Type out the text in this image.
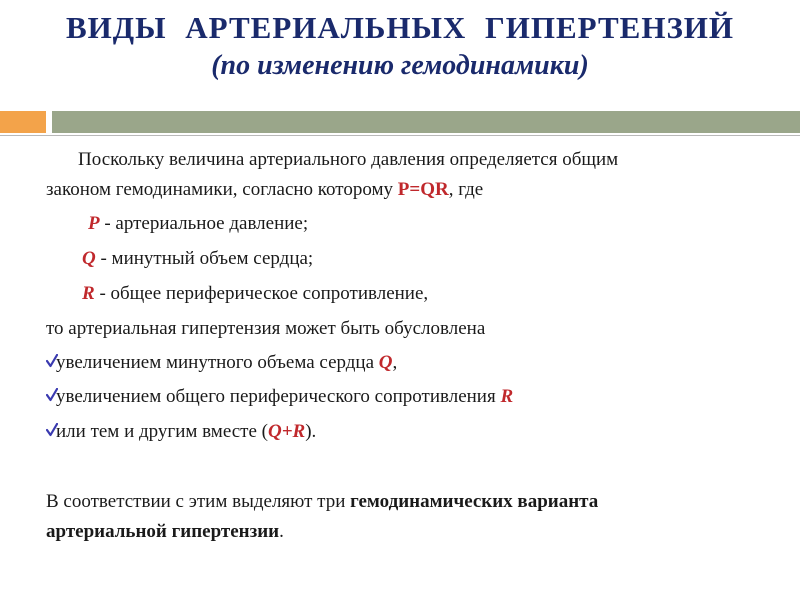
ВИДЫ АРТЕРИАЛЬНЫХ ГИПЕРТЕНЗИЙ
(по изменению гемодинамики)
Поскольку величина артериального давления определяется общим
законом гемодинамики, согласно которому P=QR, где
Р - артериальное давление;
Q - минутный объем сердца;
R - общее периферическое сопротивление,
то артериальная гипертензия может быть обусловлена
увеличением минутного объема сердца Q,
увеличением общего периферического сопротивления R
или тем и другим вместе (Q+R).
В соответствии с этим выделяют три гемодинамических варианта
артериальной гипертензии.
